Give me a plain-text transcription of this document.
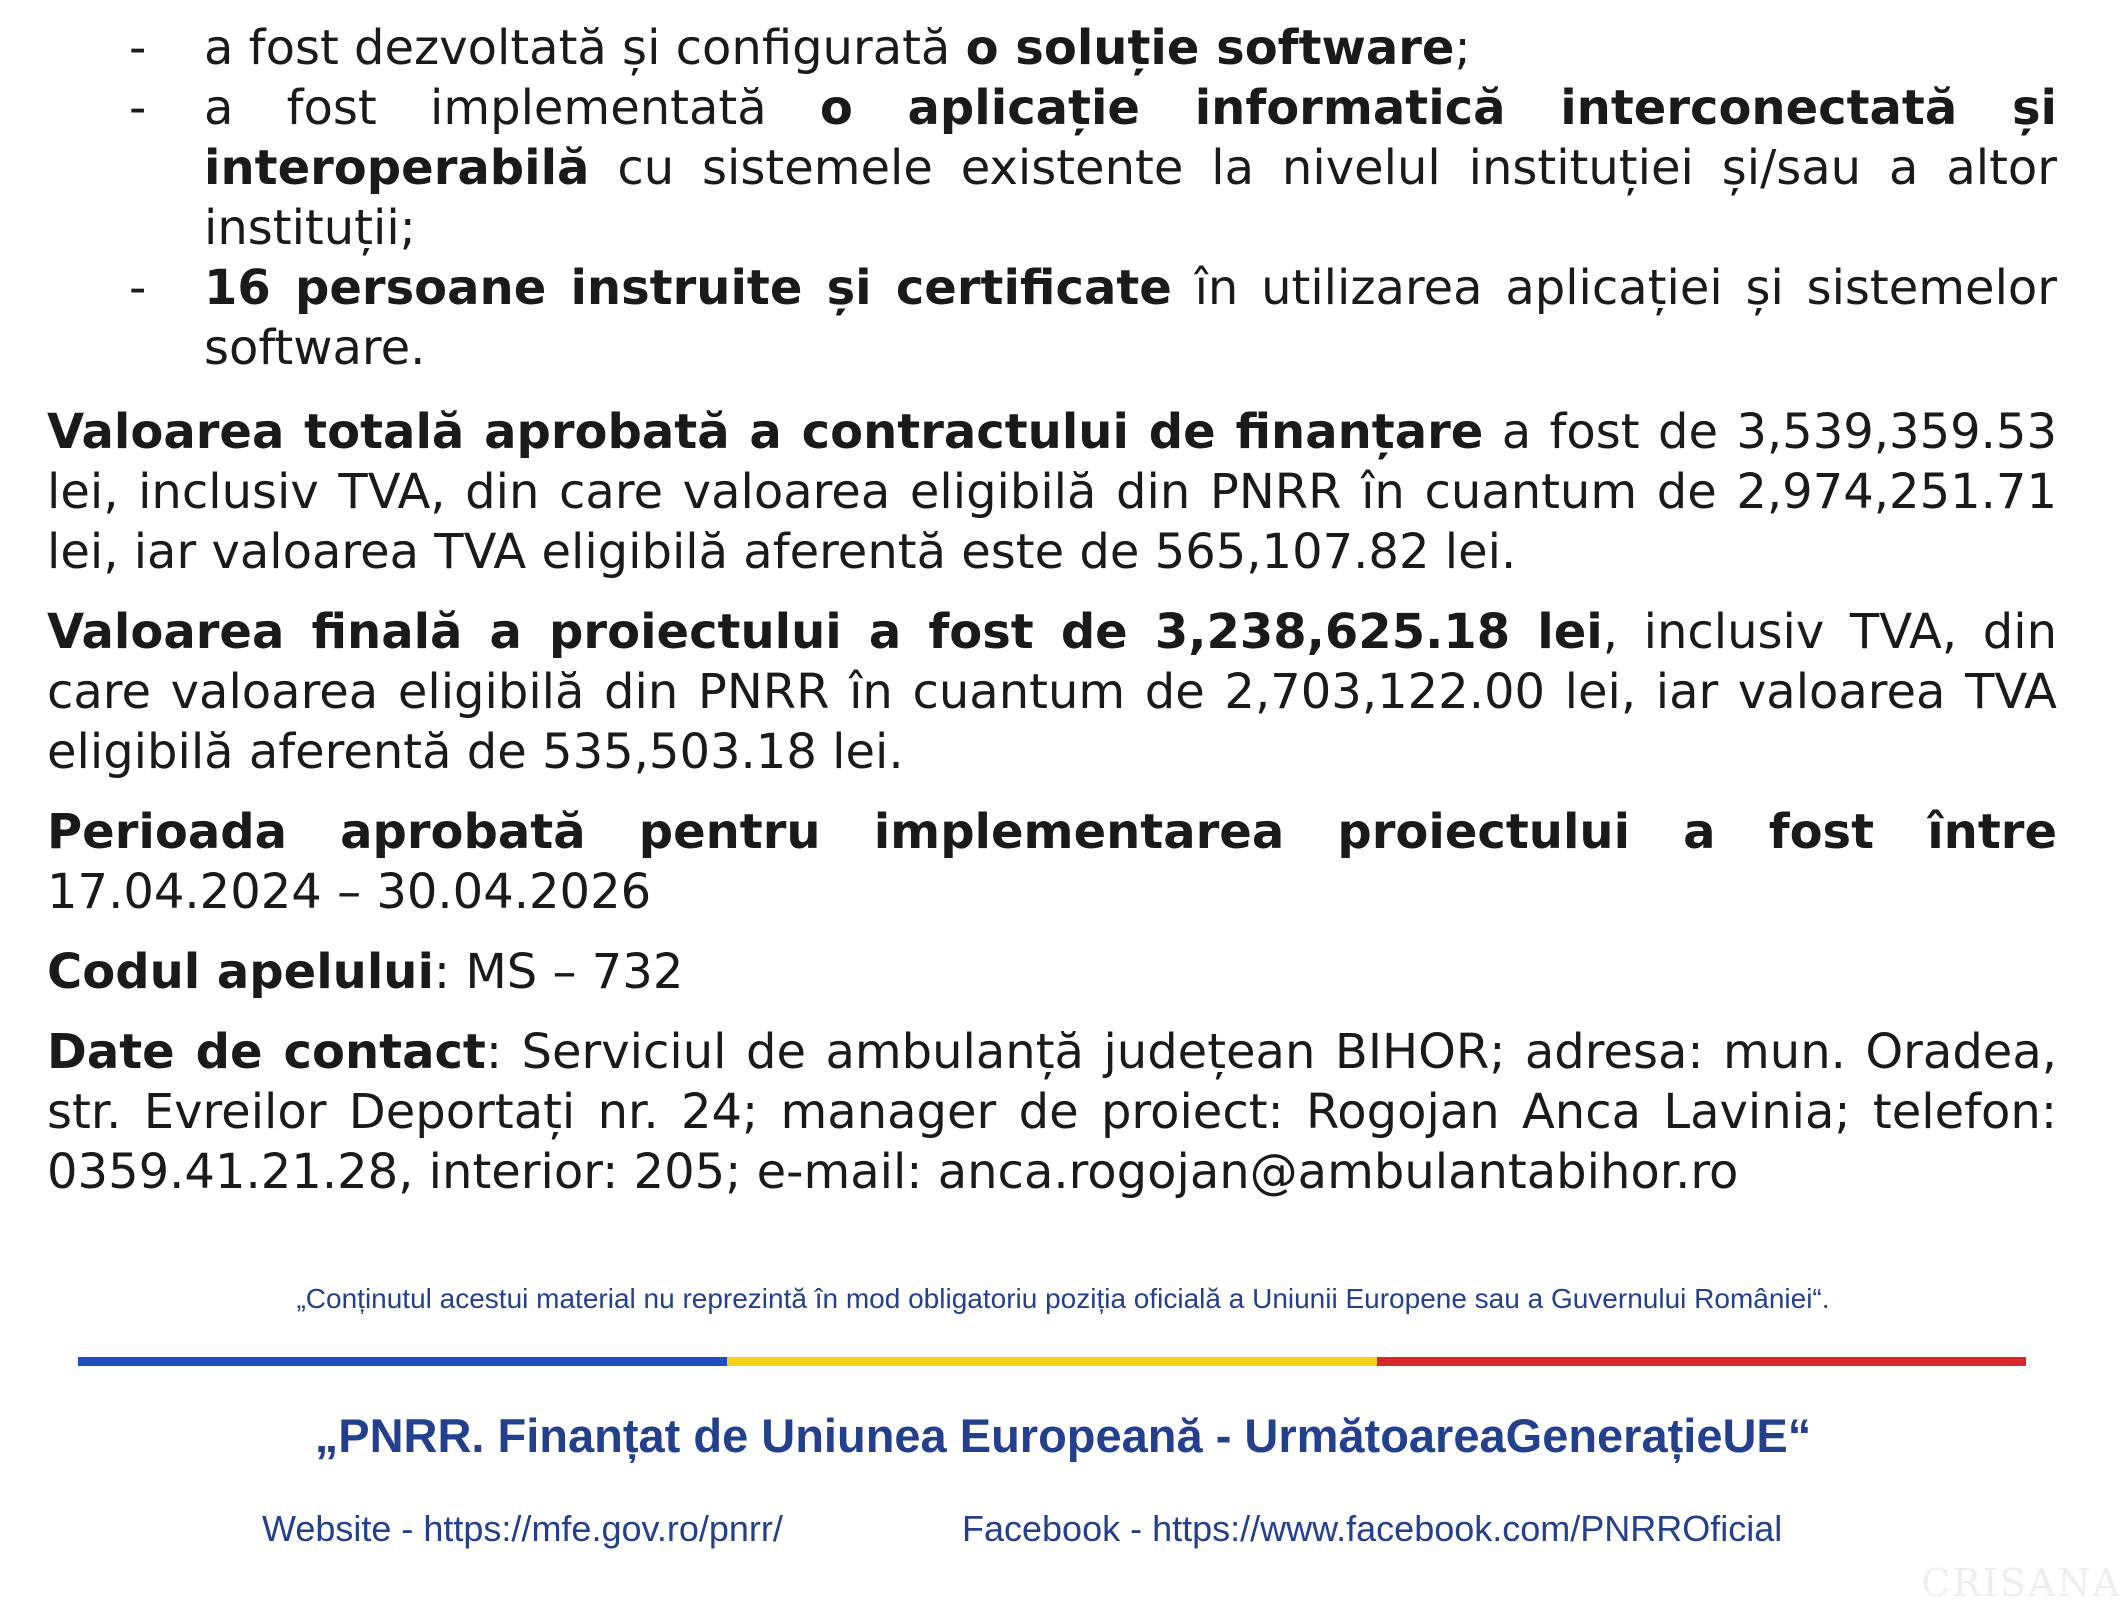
- a fost dezvoltată și configurată o soluție software;
- a fost implementată o aplicație informatică interconectată și interoperabilă cu sistemele existente la nivelul instituției și/sau a altor instituții;
- 16 persoane instruite și certificate în utilizarea aplicației și sistemelor software.

Valoarea totală aprobată a contractului de finanțare a fost de 3,539,359.53 lei, inclusiv TVA, din care valoarea eligibilă din PNRR în cuantum de 2,974,251.71 lei, iar valoarea TVA eligibilă aferentă este de 565,107.82 lei.

Valoarea finală a proiectului a fost de 3,238,625.18 lei, inclusiv TVA, din care valoarea eligibilă din PNRR în cuantum de 2,703,122.00 lei, iar valoarea TVA eligibilă aferentă de 535,503.18 lei.

Perioada aprobată pentru implementarea proiectului a fost între 17.04.2024 – 30.04.2026

Codul apelului: MS – 732

Date de contact: Serviciul de ambulanță județean BIHOR; adresa: mun. Oradea, str. Evreilor Deportați nr. 24; manager de proiect: Rogojan Anca Lavinia; telefon: 0359.41.21.28, interior: 205; e-mail: anca.rogojan@ambulantabihor.ro

„Conținutul acestui material nu reprezintă în mod obligatoriu poziția oficială a Uniunii Europene sau a Guvernului României“.
„PNRR. Finanțat de Uniunea Europeană - UrmătoareaGenerațieUE“
Website - https://mfe.gov.ro/pnrr/	Facebook - https://www.facebook.com/PNRROficial
CRISANA
